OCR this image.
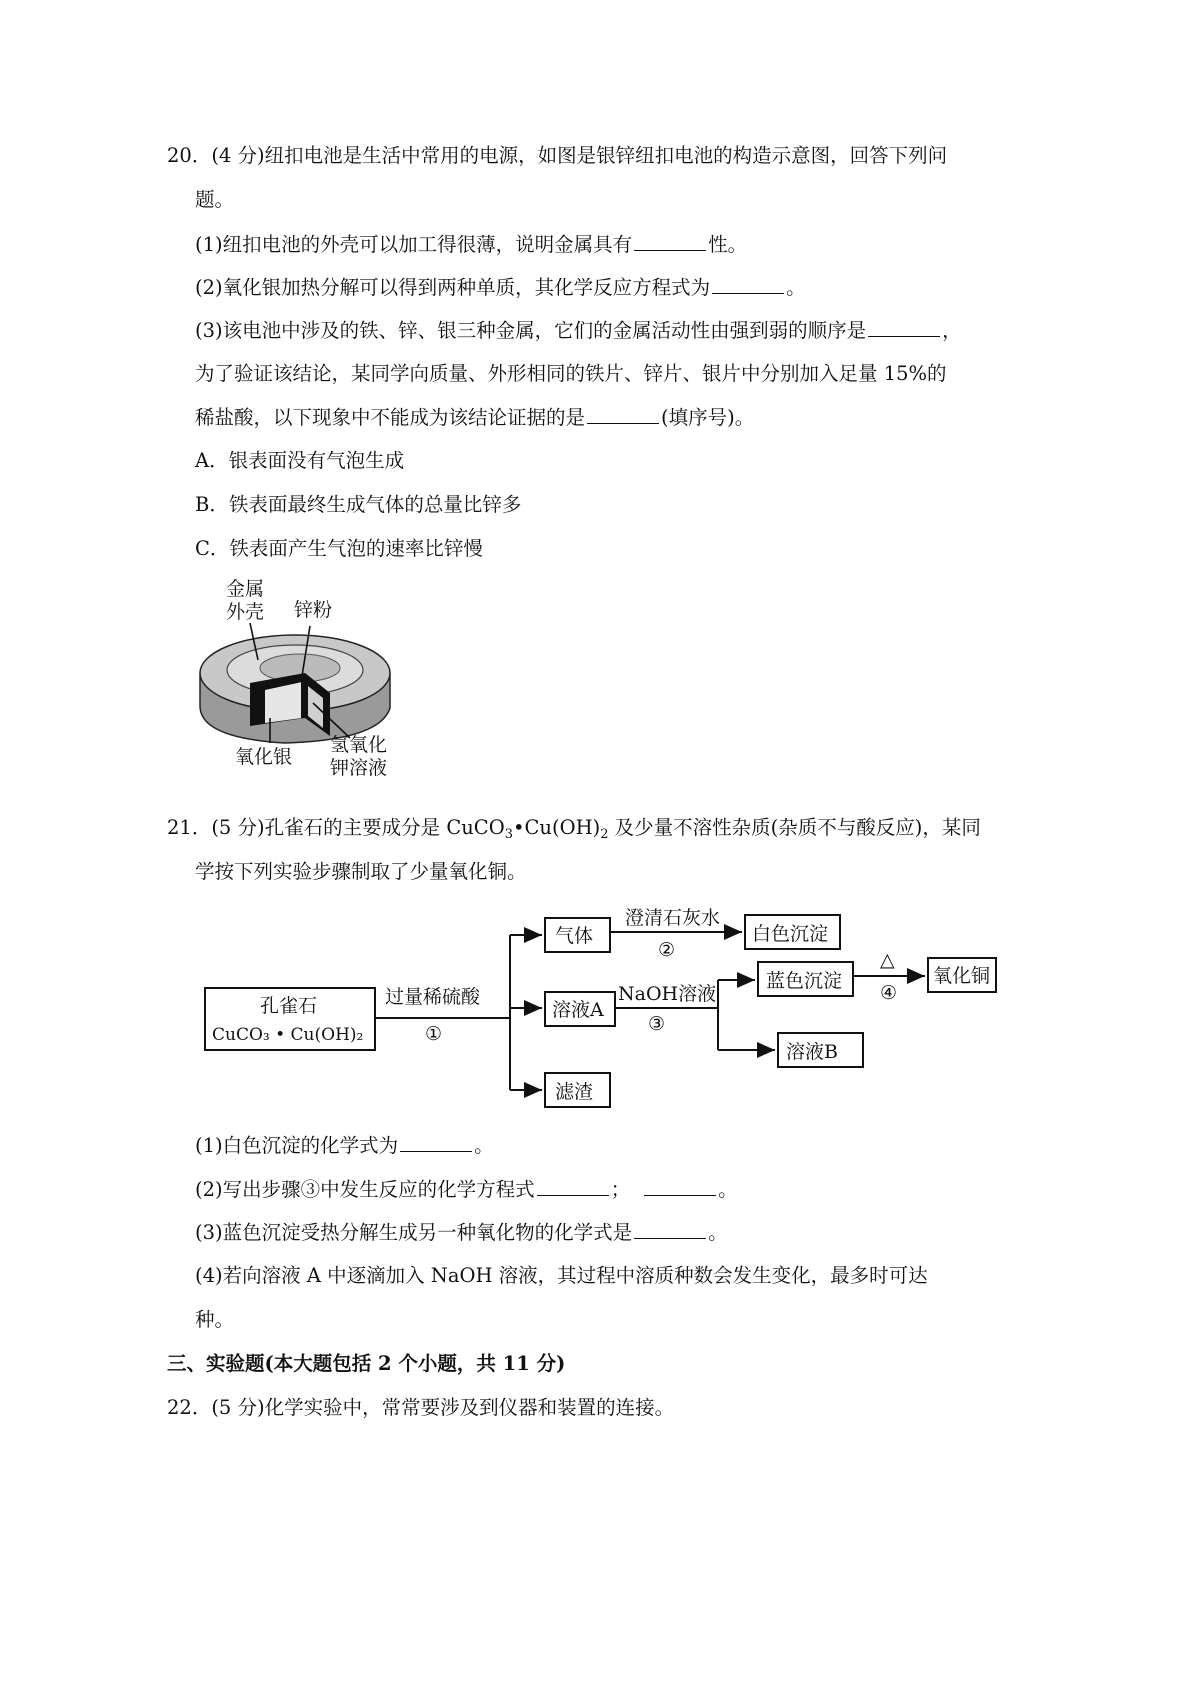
20．(4 分)纽扣电池是生活中常用的电源，如图是银锌纽扣电池的构造示意图，回答下列问
题。
(1)纽扣电池的外壳可以加工得很薄，说明金属具有	性。
(2)氧化银加热分解可以得到两种单质，其化学反应方程式为	。
(3)该电池中涉及的铁、锌、银三种金属，它们的金属活动性由强到弱的顺序是	，
为了验证该结论，某同学向质量、外形相同的铁片、锌片、银片中分别加入足量 15%的
稀盐酸，以下现象中不能成为该结论证据的是	(填序号)。
A．银表面没有气泡生成
B．铁表面最终生成气体的总量比锌多
C．铁表面产生气泡的速率比锌慢
金属
外壳 锌粉
氧化银
氢氧化
钾溶液
21．(5 分)孔雀石的主要成分是 $CuCO_3•Cu(OH)_2$ 及少量不溶性杂质(杂质不与酸反应)，某同
学按下列实验步骤制取了少量氧化铜。
孔雀石
CuCO₃ • Cu(OH)₂
过量稀硫酸
①
气体
澄清石灰水
②
白色沉淀
溶液A
NaOH溶液
③
蓝色沉淀
△
④
氧化铜
溶液B
滤渣
(1)白色沉淀的化学式为	。
(2)写出步骤③中发生反应的化学方程式	；	。
(3)蓝色沉淀受热分解生成另一种氧化物的化学式是	。
(4)若向溶液 A 中逐滴加入 NaOH 溶液，其过程中溶质种数会发生变化，最多时可达
种。
三、实验题(本大题包括 2 个小题，共 11 分)
22．(5 分)化学实验中，常常要涉及到仪器和装置的连接。
